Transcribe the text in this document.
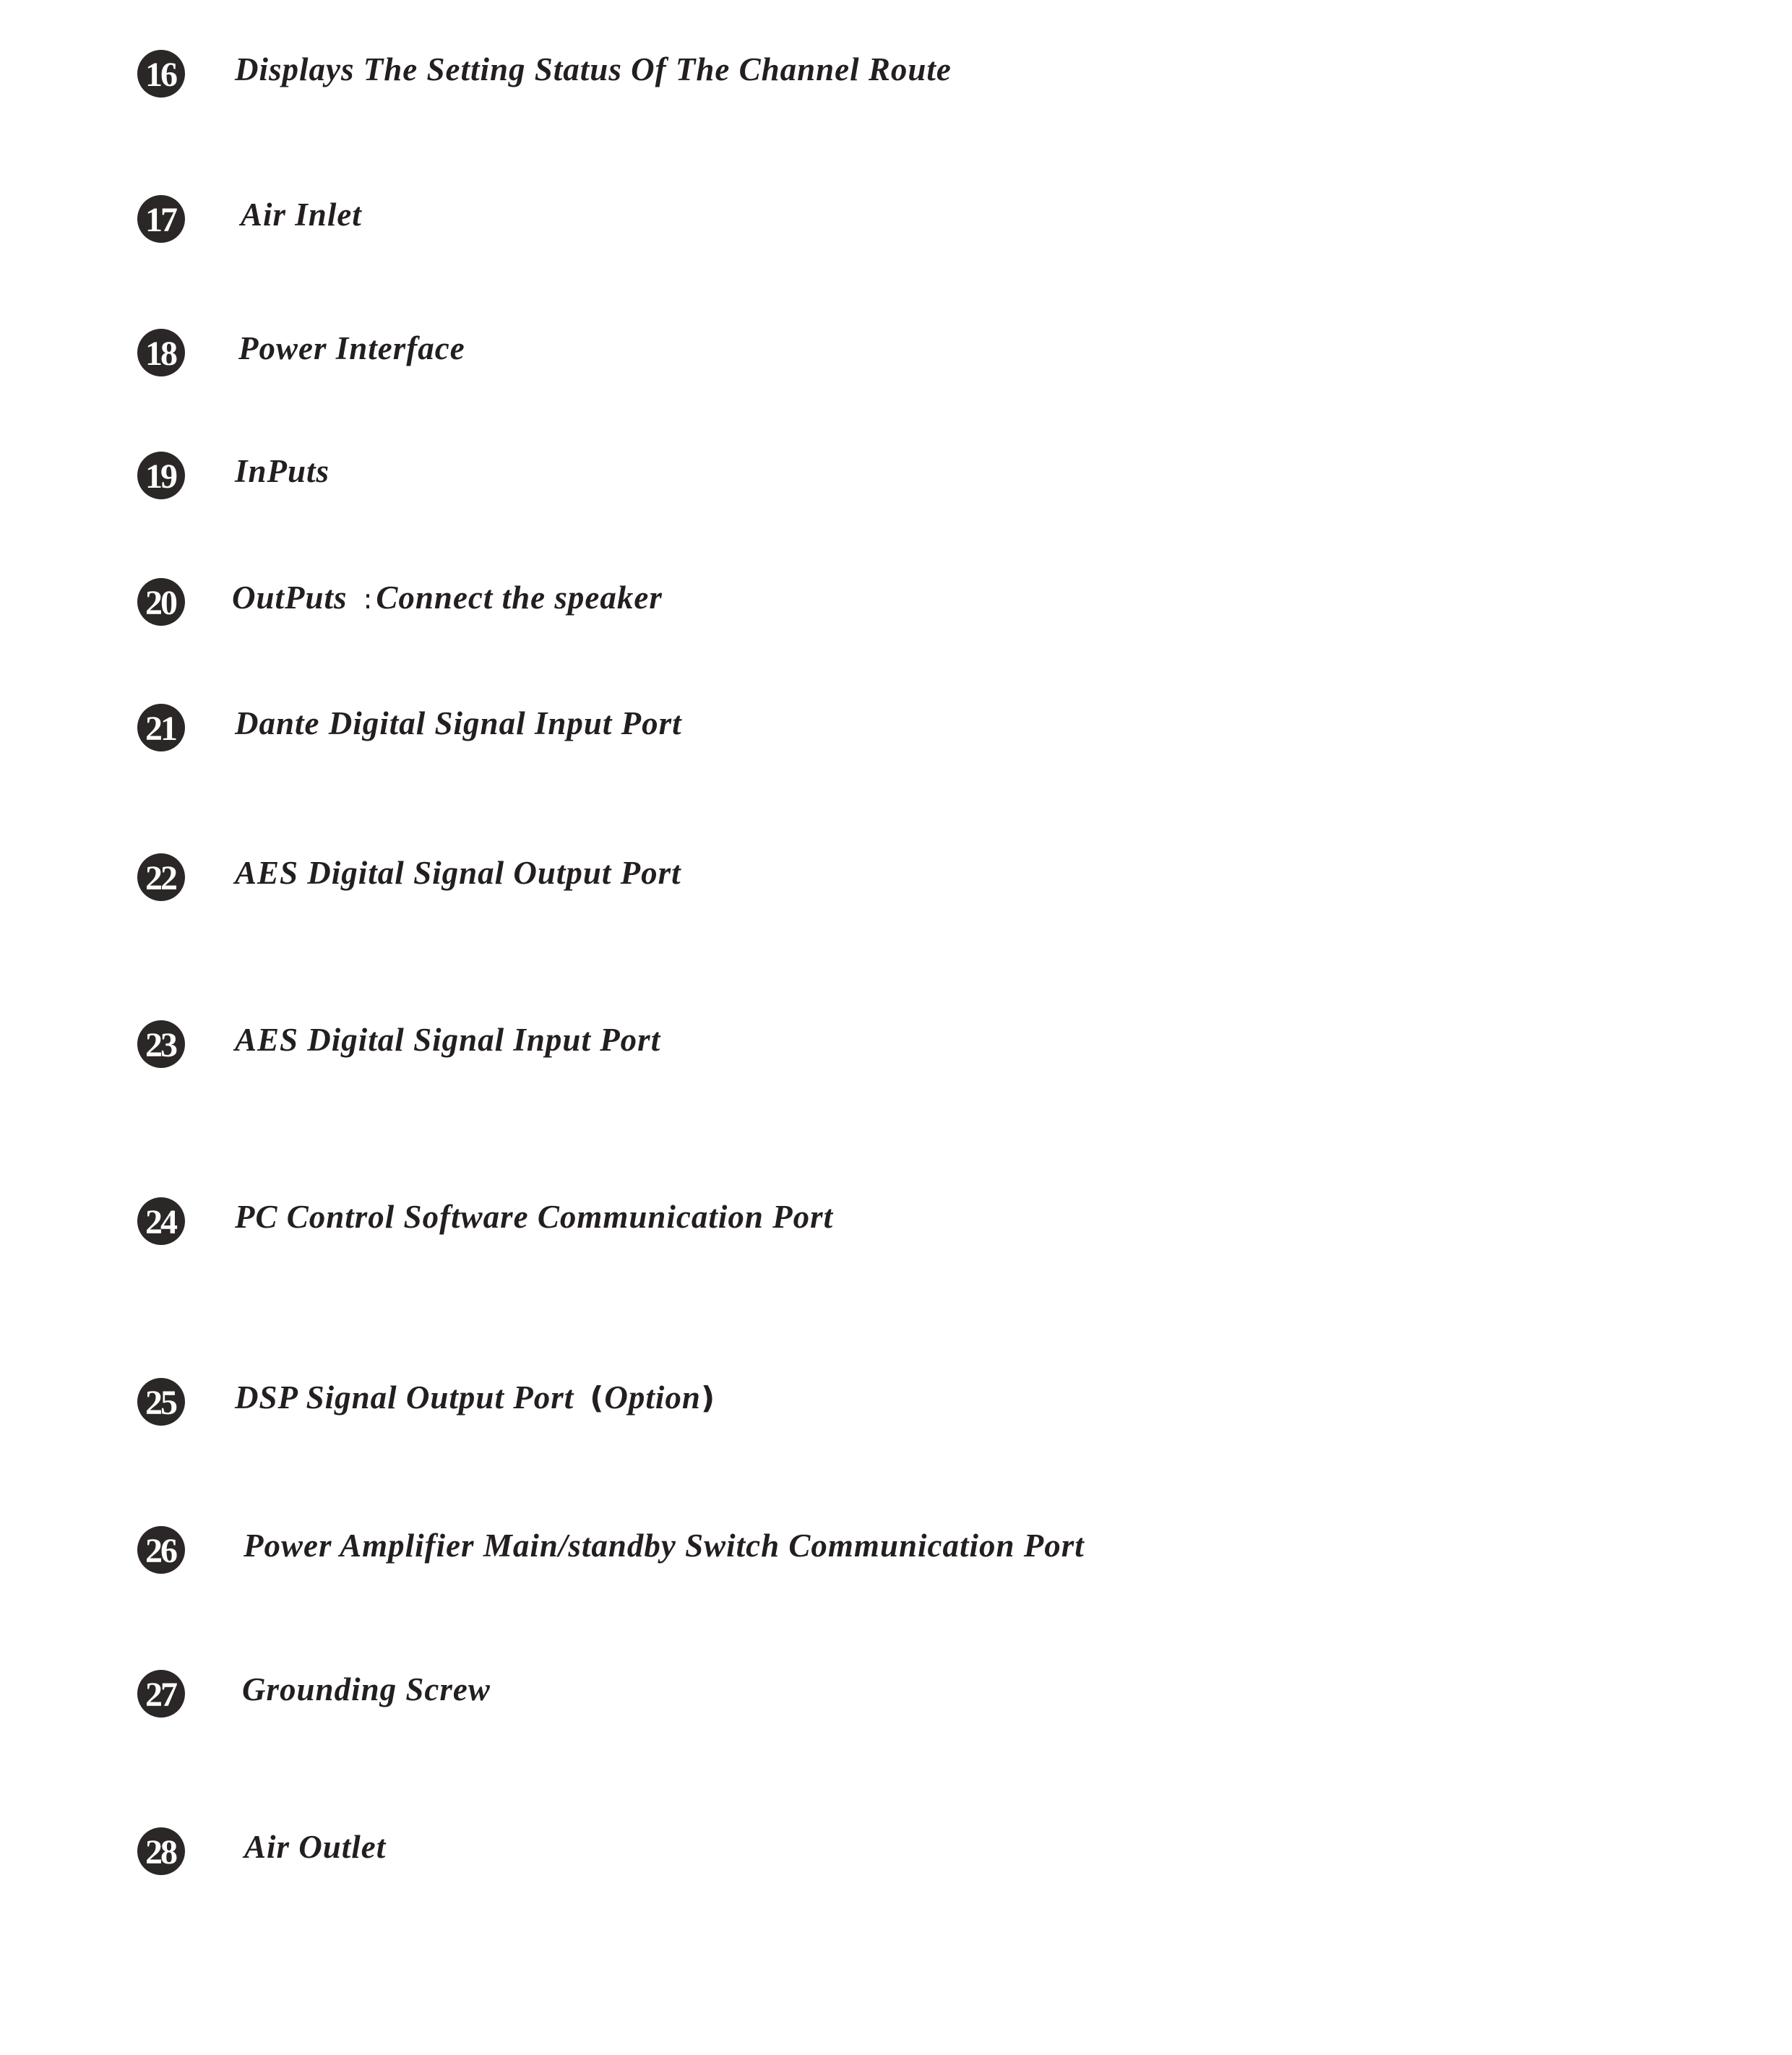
16 Displays The Setting Status Of The Channel Route
17 Air Inlet
18 Power Interface
19 InPuts
20 OutPuts :Connect the speaker
21 Dante Digital Signal Input Port
22 AES Digital Signal Output Port
23 AES Digital Signal Input Port
24 PC Control Software Communication Port
25 DSP Signal Output Port (Option)
26 Power Amplifier Main/standby Switch Communication Port
27 Grounding Screw
28 Air Outlet
